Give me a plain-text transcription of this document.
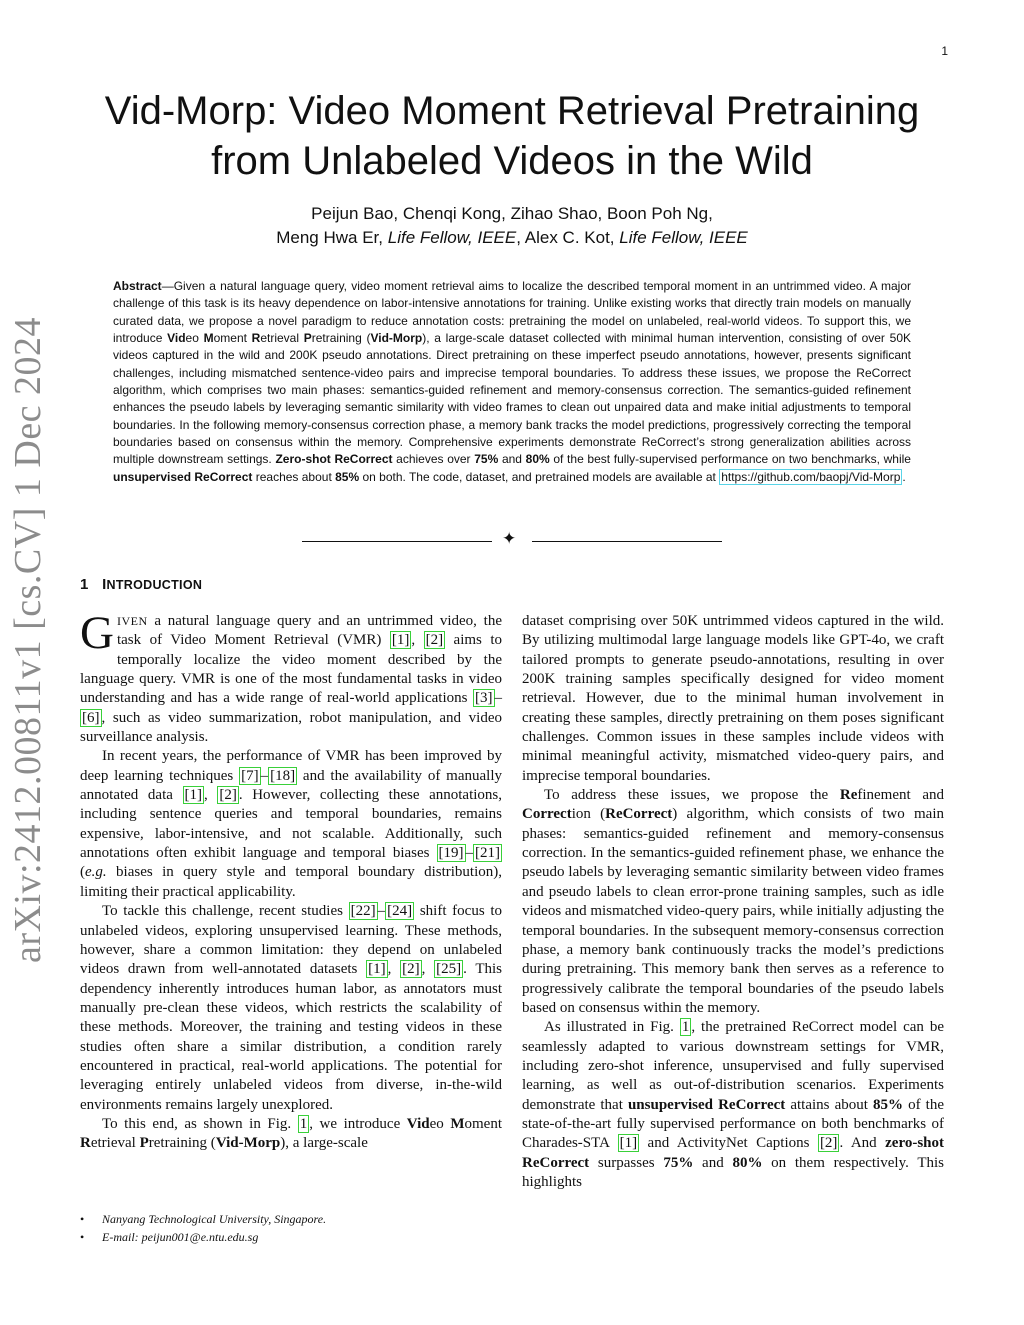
1
arXiv:2412.00811v1 [cs.CV] 1 Dec 2024
Vid-Morp: Video Moment Retrieval Pretraining
from Unlabeled Videos in the Wild
Peijun Bao, Chenqi Kong, Zihao Shao, Boon Poh Ng,
Meng Hwa Er, Life Fellow, IEEE, Alex C. Kot, Life Fellow, IEEE

Abstract—Given a natural language query, video moment retrieval aims to localize the described temporal moment in an untrimmed video. A major challenge of this task is its heavy dependence on labor-intensive annotations for training. Unlike existing works that directly train models on manually curated data, we propose a novel paradigm to reduce annotation costs: pretraining the model on unlabeled, real-world videos. To support this, we introduce Video Moment Retrieval Pretraining (Vid-Morp), a large-scale dataset collected with minimal human intervention, consisting of over 50K videos captured in the wild and 200K pseudo annotations. Direct pretraining on these imperfect pseudo annotations, however, presents significant challenges, including mismatched sentence-video pairs and imprecise temporal boundaries. To address these issues, we propose the ReCorrect algorithm, which comprises two main phases: semantics-guided refinement and memory-consensus correction. The semantics-guided refinement enhances the pseudo labels by leveraging semantic similarity with video frames to clean out unpaired data and make initial adjustments to temporal boundaries. In the following memory-consensus correction phase, a memory bank tracks the model predictions, progressively correcting the temporal boundaries based on consensus within the memory. Comprehensive experiments demonstrate ReCorrect’s strong generalization abilities across multiple downstream settings. Zero-shot ReCorrect achieves over 75% and 80% of the best fully-supervised performance on two benchmarks, while unsupervised ReCorrect reaches about 85% on both. The code, dataset, and pretrained models are available at https://github.com/baopj/Vid-Morp .

✦
1 INTRODUCTION

GIVEN a natural language query and an untrimmed video, the task of Video Moment Retrieval (VMR) [1] , [2] aims to temporally localize the video moment described by the language query. VMR is one of the most fundamental tasks in video understanding and has a wide range of real-world applications [3] –[6] , such as video summarization, robot manipulation, and video surveillance analysis.

In recent years, the performance of VMR has been improved by deep learning techniques [7] – [18] and the availability of manually annotated data [1] , [2] . However, collecting these annotations, including sentence queries and temporal boundaries, remains expensive, labor-intensive, and not scalable. Additionally, such annotations often exhibit language and temporal biases [19] – [21] (e.g. biases in query style and temporal boundary distribution), limiting their practical applicability.

To tackle this challenge, recent studies [22] – [24] shift focus to unlabeled videos, exploring unsupervised learning. These methods, however, share a common limitation: they depend on unlabeled videos drawn from well-annotated datasets [1] , [2] , [25] . This dependency inherently introduces human labor, as annotators must manually pre-clean these videos, which restricts the scalability of these methods. Moreover, the training and testing videos in these studies often share a similar distribution, a condition rarely encountered in practical, real-world applications. The potential for leveraging entirely unlabeled videos from diverse, in-the-wild environments remains largely unexplored.

To this end, as shown in Fig. 1 , we introduce Video Moment Retrieval Pretraining (Vid-Morp), a large-scale

dataset comprising over 50K untrimmed videos captured in the wild. By utilizing multimodal large language models like GPT-4o, we craft tailored prompts to generate pseudo-annotations, resulting in over 200K training samples specifically designed for video moment retrieval. However, due to the minimal human involvement in creating these samples, directly pretraining on them poses significant challenges. Common issues in these samples include videos with minimal meaningful activity, mismatched video-query pairs, and imprecise temporal boundaries.

To address these issues, we propose the Refinement and Correction (ReCorrect) algorithm, which consists of two main phases: semantics-guided refinement and memory-consensus correction. In the semantics-guided refinement phase, we enhance the pseudo labels by leveraging semantic similarity between video frames and pseudo labels to clean error-prone training samples, such as idle videos and mismatched video-query pairs, while initially adjusting the temporal boundaries. In the subsequent memory-consensus correction phase, a memory bank continuously tracks the model’s predictions during pretraining. This memory bank then serves as a reference to progressively calibrate the temporal boundaries of the pseudo labels based on consensus within the memory.

As illustrated in Fig. 1 , the pretrained ReCorrect model can be seamlessly adapted to various downstream settings for VMR, including zero-shot inference, unsupervised and fully supervised learning, as well as out-of-distribution scenarios. Experiments demonstrate that unsupervised ReCorrect attains about 85% of the state-of-the-art fully supervised performance on both benchmarks of Charades-STA [1] and ActivityNet Captions [2] . And zero-shot ReCorrect surpasses 75% and 80% on them respectively. This highlights

• Nanyang Technological University, Singapore.
• E-mail: peijun001@e.ntu.edu.sg
